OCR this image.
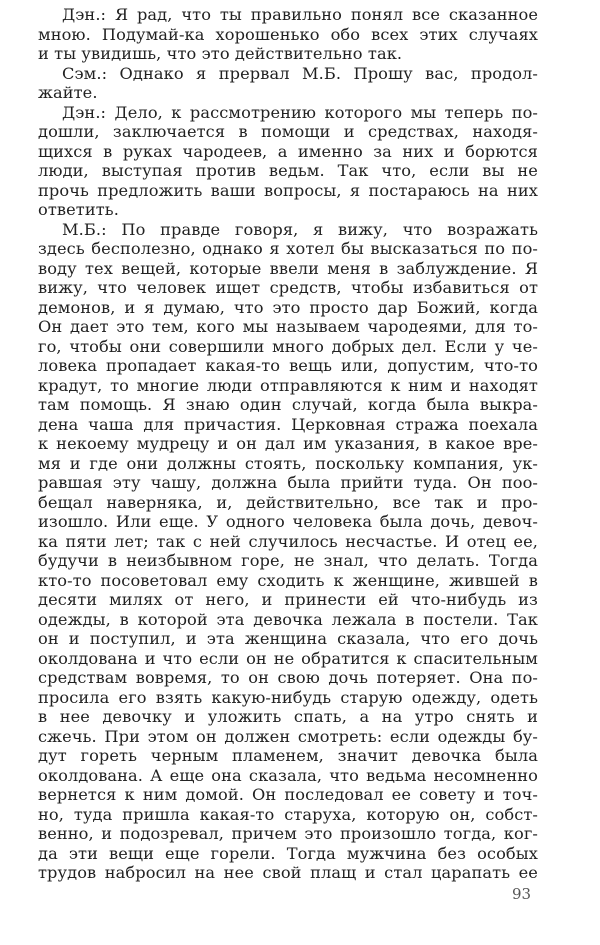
Дэн.: Я рад, что ты правильно понял все сказанное
мною. Подумай-ка хорошенько обо всех этих случаях
и ты увидишь, что это действительно так.
Сэм.: Однако я прервал М.Б. Прошу вас, продол-
жайте.
Дэн.: Дело, к рассмотрению которого мы теперь по-
дошли, заключается в помощи и средствах, находя-
щихся в руках чародеев, а именно за них и борются
люди, выступая против ведьм. Так что, если вы не
прочь предложить ваши вопросы, я постараюсь на них
ответить.
М.Б.: По правде говоря, я вижу, что возражать
здесь бесполезно, однако я хотел бы высказаться по по-
воду тех вещей, которые ввели меня в заблуждение. Я
вижу, что человек ищет средств, чтобы избавиться от
демонов, и я думаю, что это просто дар Божий, когда
Он дает это тем, кого мы называем чародеями, для то-
го, чтобы они совершили много добрых дел. Если у че-
ловека пропадает какая-то вещь или, допустим, что-то
крадут, то многие люди отправляются к ним и находят
там помощь. Я знаю один случай, когда была выкра-
дена чаша для причастия. Церковная стража поехала
к некоему мудрецу и он дал им указания, в какое вре-
мя и где они должны стоять, поскольку компания, ук-
равшая эту чашу, должна была прийти туда. Он поо-
бещал наверняка, и, действительно, все так и про-
изошло. Или еще. У одного человека была дочь, девоч-
ка пяти лет; так с ней случилось несчастье. И отец ее,
будучи в неизбывном горе, не знал, что делать. Тогда
кто-то посоветовал ему сходить к женщине, жившей в
десяти милях от него, и принести ей что-нибудь из
одежды, в которой эта девочка лежала в постели. Так
он и поступил, и эта женщина сказала, что его дочь
околдована и что если он не обратится к спасительным
средствам вовремя, то он свою дочь потеряет. Она по-
просила его взять какую-нибудь старую одежду, одеть
в нее девочку и уложить спать, а на утро снять и
сжечь. При этом он должен смотреть: если одежды бу-
дут гореть черным пламенем, значит девочка была
околдована. А еще она сказала, что ведьма несомненно
вернется к ним домой. Он последовал ее совету и точ-
но, туда пришла какая-то старуха, которую он, собст-
венно, и подозревал, причем это произошло тогда, ког-
да эти вещи еще горели. Тогда мужчина без особых
трудов набросил на нее свой плащ и стал царапать ее
93
